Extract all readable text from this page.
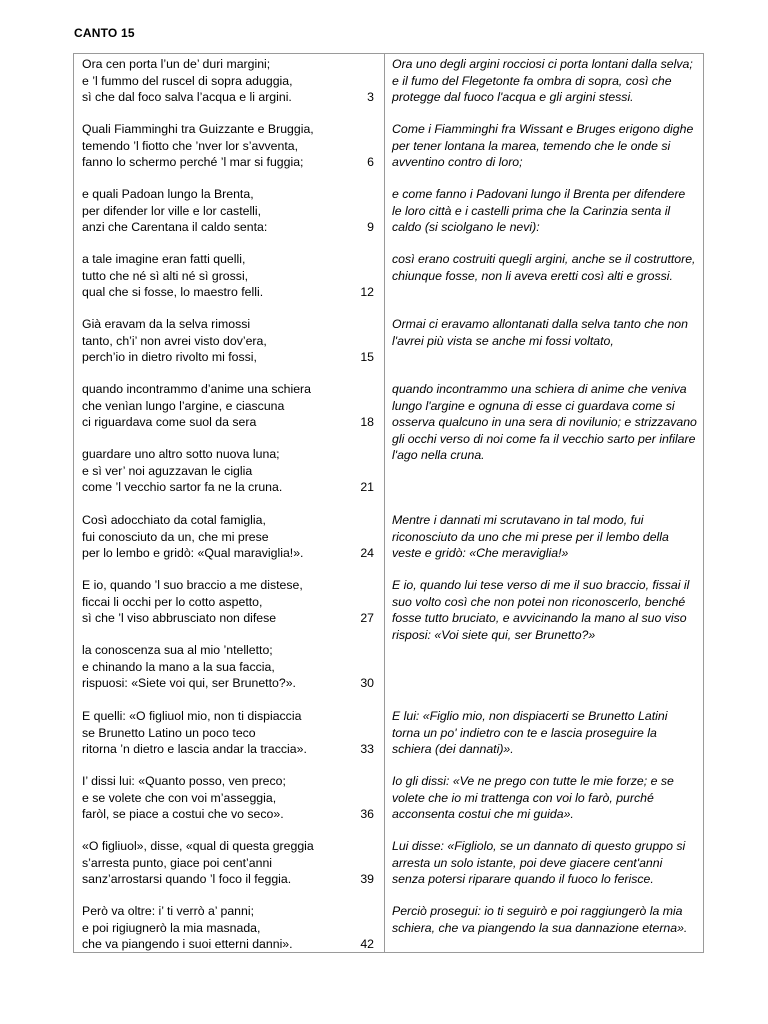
CANTO 15
Ora cen porta l’un de’ duri margini;
e ’l fummo del ruscel di sopra aduggia,
sì che dal foco salva l’acqua e li argini.	3
Ora uno degli argini rocciosi ci porta lontani dalla selva; e il fumo del Flegetonte fa ombra di sopra, così che protegge dal fuoco l'acqua e gli argini stessi.
Quali Fiamminghi tra Guizzante e Bruggia,
temendo ’l fiotto che ’nver lor s’avventa,
fanno lo schermo perché ’l mar si fuggia;	6
Come i Fiamminghi fra Wissant e Bruges erigono dighe per tener lontana la marea, temendo che le onde si avventino contro di loro;
e quali Padoan lungo la Brenta,
per difender lor ville e lor castelli,
anzi che Carentana il caldo senta:	9
e come fanno i Padovani lungo il Brenta per difendere le loro città e i castelli prima che la Carinzia senta il caldo (si sciolgano le nevi):
a tale imagine eran fatti quelli,
tutto che né sì alti né sì grossi,
qual che si fosse, lo maestro felli.	12
così erano costruiti quegli argini, anche se il costruttore, chiunque fosse, non li aveva eretti così alti e grossi.
Già eravam da la selva rimossi
tanto, ch’i’ non avrei visto dov’era,
perch’io in dietro rivolto mi fossi,	15
Ormai ci eravamo allontanati dalla selva tanto che non l'avrei più vista se anche mi fossi voltato,
quando incontrammo d’anime una schiera
che venìan lungo l’argine, e ciascuna
ci riguardava come suol da sera	18
quando incontrammo una schiera di anime che veniva lungo l'argine e ognuna di esse ci guardava come si osserva qualcuno in una sera di novilunio; e strizzavano gli occhi verso di noi come fa il vecchio sarto per infilare l'ago nella cruna.
guardare uno altro sotto nuova luna;
e sì ver’ noi aguzzavan le ciglia
come ’l vecchio sartor fa ne la cruna.	21
Così adocchiato da cotal famiglia,
fui conosciuto da un, che mi prese
per lo lembo e gridò: «Qual maraviglia!».	24
Mentre i dannati mi scrutavano in tal modo, fui riconosciuto da uno che mi prese per il lembo della veste e gridò: «Che meraviglia!»
E io, quando ’l suo braccio a me distese,
ficcai li occhi per lo cotto aspetto,
sì che ’l viso abbrusciato non difese	27
E io, quando lui tese verso di me il suo braccio, fissai il suo volto così che non potei non riconoscerlo, benché fosse tutto bruciato, e avvicinando la mano al suo viso risposi: «Voi siete qui, ser Brunetto?»
la conoscenza sua al mio ’ntelletto;
e chinando la mano a la sua faccia,
rispuosi: «Siete voi qui, ser Brunetto?».	30
E quelli: «O figliuol mio, non ti dispiaccia
se Brunetto Latino un poco teco
ritorna ’n dietro e lascia andar la traccia».	33
E lui: «Figlio mio, non dispiacerti se Brunetto Latini torna un po' indietro con te e lascia proseguire la schiera (dei dannati)».
I’ dissi lui: «Quanto posso, ven preco;
e se volete che con voi m’asseggia,
faròl, se piace a costui che vo seco».	36
Io gli dissi: «Ve ne prego con tutte le mie forze; e se volete che io mi trattenga con voi lo farò, purché acconsenta costui che mi guida».
«O figliuol», disse, «qual di questa greggia
s’arresta punto, giace poi cent’anni
sanz’arrostarsi quando ’l foco il feggia.	39
Lui disse: «Figliolo, se un dannato di questo gruppo si arresta un solo istante, poi deve giacere cent'anni senza potersi riparare quando il fuoco lo ferisce.
Però va oltre: i’ ti verrò a’ panni;
e poi rigiugnerò la mia masnada,
che va piangendo i suoi etterni danni».	42
Perciò prosegui: io ti seguirò e poi raggiungerò la mia schiera, che va piangendo la sua dannazione eterna».
